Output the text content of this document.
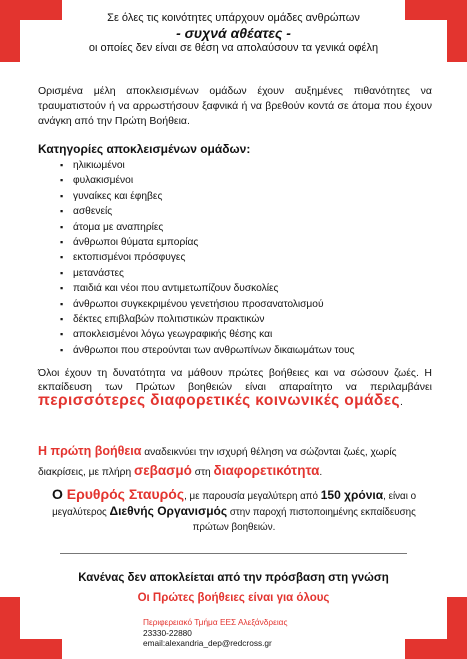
Σε όλες τις κοινότητες υπάρχουν ομάδες ανθρώπων
- συχνά αθέατες -
οι οποίες δεν είναι σε θέση να απολαύσουν τα γενικά οφέλη
Ορισμένα μέλη αποκλεισμένων ομάδων έχουν αυξημένες πιθανότητες να τραυματιστούν ή να αρρωστήσουν ξαφνικά ή να βρεθούν κοντά σε άτομα που έχουν ανάγκη από την Πρώτη Βοήθεια.
Κατηγορίες αποκλεισμένων ομάδων:
▪ ηλικιωμένοι
▪ φυλακισμένοι
▪ γυναίκες και έφηβες
▪ ασθενείς
▪ άτομα με αναπηρίες
▪ άνθρωποι θύματα εμπορίας
▪ εκτοπισμένοι πρόσφυγες
▪ μετανάστες
▪ παιδιά και νέοι που αντιμετωπίζουν δυσκολίες
▪ άνθρωποι συγκεκριμένου γενετήσιου προσανατολισμού
▪ δέκτες επιβλαβών πολιτιστικών πρακτικών
▪ αποκλεισμένοι λόγω γεωγραφικής θέσης και
▪ άνθρωποι που στερούνται των ανθρωπίνων δικαιωμάτων τους
Όλοι έχουν τη δυνατότητα να μάθουν πρώτες βοήθειες και να σώσουν ζωές. Η εκπαίδευση των Πρώτων βοηθειών είναι απαραίτητο να περιλαμβάνει περισσότερες διαφορετικές κοινωνικές ομάδες.
Η πρώτη βοήθεια αναδεικνύει την ισχυρή θέληση να σώζονται ζωές, χωρίς διακρίσεις, με πλήρη σεβασμό στη διαφορετικότητα.
Ο Ερυθρός Σταυρός, με παρουσία μεγαλύτερη από 150 χρόνια, είναι ο μεγαλύτερος Διεθνής Οργανισμός στην παροχή πιστοποιημένης εκπαίδευσης πρώτων βοηθειών.
Κανένας δεν αποκλείεται από την πρόσβαση στη γνώση
Οι Πρώτες βοήθειες είναι για όλους
Περιφερειακό Τμήμα ΕΕΣ Αλεξάνδρειας
23330-22880
email:alexandria_dep@redcross.gr
